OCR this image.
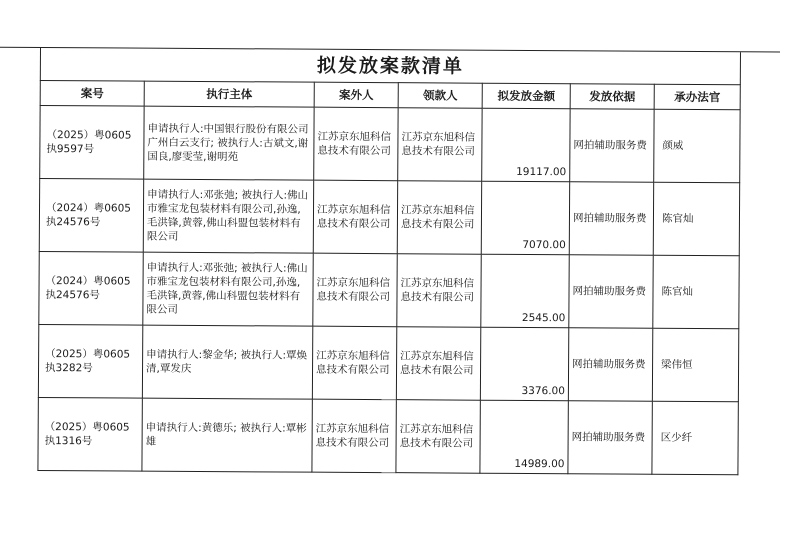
拟发放案款清单						
案号	执行主体	案外人	领款人	拟发放金额	发放依据	承办法官
（2025）粤0605执9597号	申请执行人:中国银行股份有限公司广州白云支行; 被执行人:古斌文,谢国良,廖雯莹,谢明苑	江苏京东旭科信息技术有限公司	江苏京东旭科信息技术有限公司	19117.00	网拍辅助服务费	颜威
（2024）粤0605执24576号	申请执行人:邓张弛; 被执行人:佛山市雅宝龙包装材料有限公司,孙逸,毛洪锋,黄蓉,佛山科盟包装材料有限公司	江苏京东旭科信息技术有限公司	江苏京东旭科信息技术有限公司	7070.00	网拍辅助服务费	陈官灿
（2024）粤0605执24576号	申请执行人:邓张弛; 被执行人:佛山市雅宝龙包装材料有限公司,孙逸,毛洪锋,黄蓉,佛山科盟包装材料有限公司	江苏京东旭科信息技术有限公司	江苏京东旭科信息技术有限公司	2545.00	网拍辅助服务费	陈官灿
（2025）粤0605执3282号	申请执行人:黎金华; 被执行人:覃焕清,覃发庆	江苏京东旭科信息技术有限公司	江苏京东旭科信息技术有限公司	3376.00	网拍辅助服务费	梁伟恒
（2025）粤0605执1316号	申请执行人:黄德乐; 被执行人:覃彬雄	江苏京东旭科信息技术有限公司	江苏京东旭科信息技术有限公司	14989.00	网拍辅助服务费	区少纤
